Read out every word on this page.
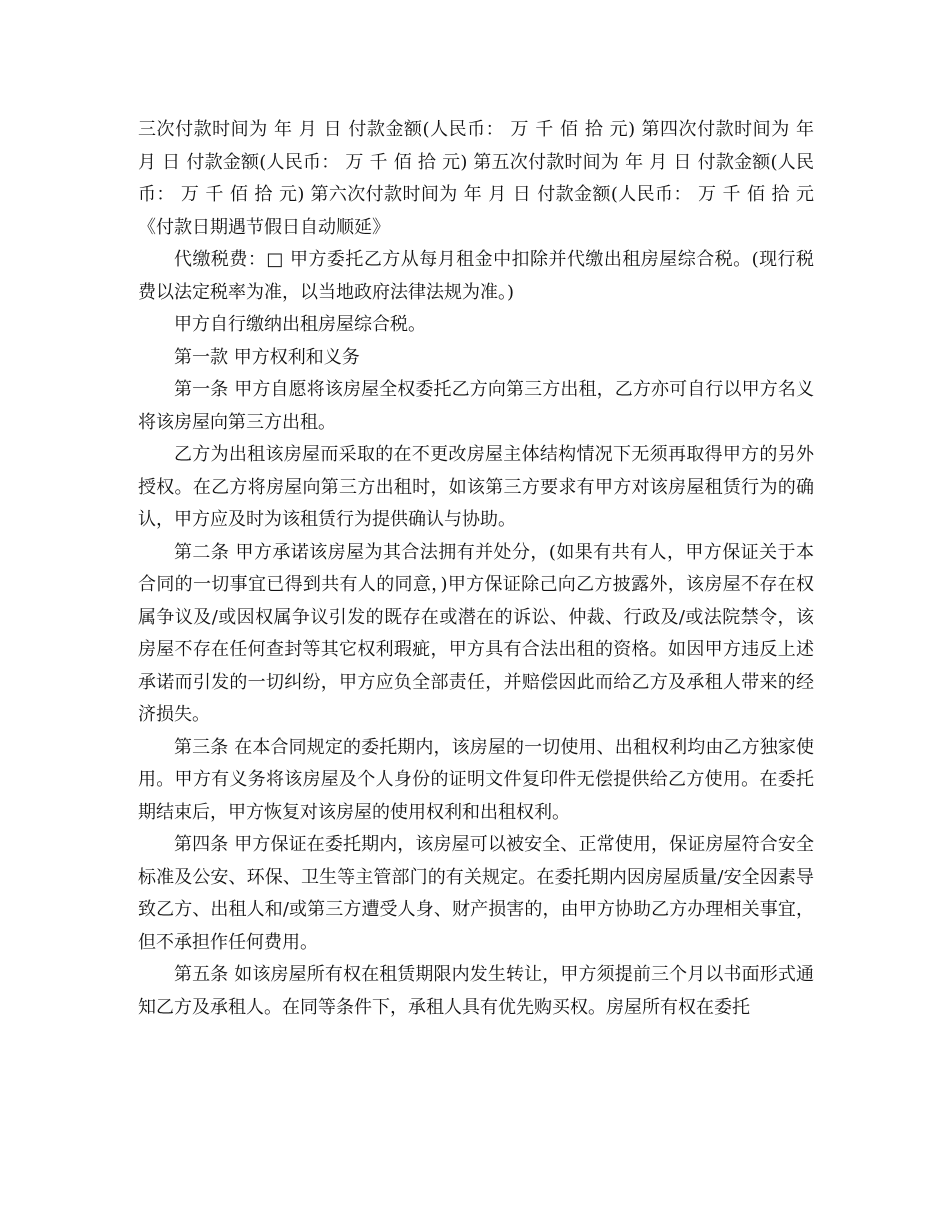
三次付款时间为 年 月 日 付款金额(人民币： 万 千 佰 拾 元) 第四次付款时间为 年 月 日 付款金额(人民币： 万 千 佰 拾 元) 第五次付款时间为 年 月 日 付款金额(人民币： 万 千 佰 拾 元) 第六次付款时间为 年 月 日 付款金额(人民币： 万 千 佰 拾 元 《付款日期遇节假日自动顺延》

代缴税费：□ 甲方委托乙方从每月租金中扣除并代缴出租房屋综合税。(现行税费以法定税率为准，以当地政府法律法规为准。)

甲方自行缴纳出租房屋综合税。

第一款 甲方权利和义务

第一条 甲方自愿将该房屋全权委托乙方向第三方出租，乙方亦可自行以甲方名义将该房屋向第三方出租。

乙方为出租该房屋而采取的在不更改房屋主体结构情况下无须再取得甲方的另外授权。在乙方将房屋向第三方出租时，如该第三方要求有甲方对该房屋租赁行为的确认，甲方应及时为该租赁行为提供确认与协助。

第二条 甲方承诺该房屋为其合法拥有并处分，(如果有共有人，甲方保证关于本合同的一切事宜已得到共有人的同意，)甲方保证除己向乙方披露外，该房屋不存在权属争议及/或因权属争议引发的既存在或潜在的诉讼、仲裁、行政及/或法院禁令，该房屋不存在任何查封等其它权利瑕疵，甲方具有合法出租的资格。如因甲方违反上述承诺而引发的一切纠纷，甲方应负全部责任，并赔偿因此而给乙方及承租人带来的经济损失。

第三条 在本合同规定的委托期内，该房屋的一切使用、出租权利均由乙方独家使用。甲方有义务将该房屋及个人身份的证明文件复印件无偿提供给乙方使用。在委托期结束后，甲方恢复对该房屋的使用权利和出租权利。

第四条 甲方保证在委托期内，该房屋可以被安全、正常使用，保证房屋符合安全标准及公安、环保、卫生等主管部门的有关规定。在委托期内因房屋质量/安全因素导致乙方、出租人和/或第三方遭受人身、财产损害的，由甲方协助乙方办理相关事宜，但不承担作任何费用。

第五条 如该房屋所有权在租赁期限内发生转让，甲方须提前三个月以书面形式通知乙方及承租人。在同等条件下，承租人具有优先购买权。房屋所有权在委托
